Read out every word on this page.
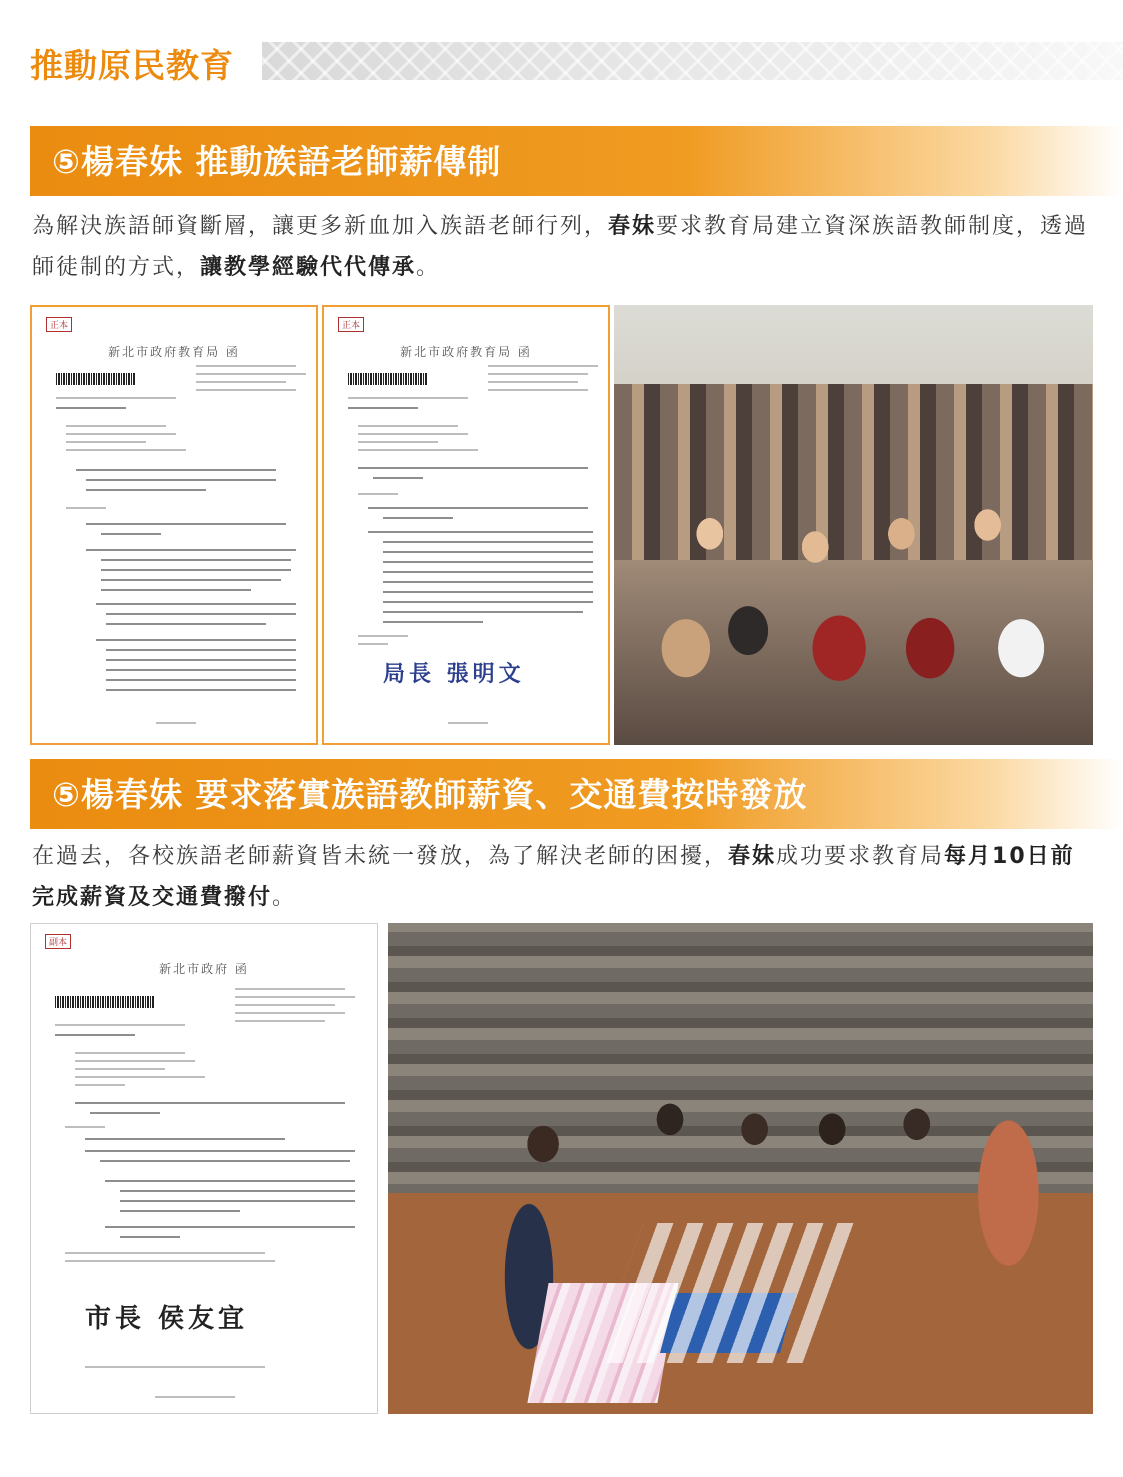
推動原民教育
⑤楊春妹 推動族語老師薪傳制
為解決族語師資斷層，讓更多新血加入族語老師行列，春妹要求教育局建立資深族語教師制度，透過師徒制的方式，讓教學經驗代代傳承。
正本
新北市政府教育局 函
正本
新北市政府教育局 函
局長 張明文
⑤楊春妹 要求落實族語教師薪資、交通費按時發放
在過去，各校族語老師薪資皆未統一發放，為了解決老師的困擾，春妹成功要求教育局每月10日前完成薪資及交通費撥付。
副本
新北市政府 函
市長 侯友宜
